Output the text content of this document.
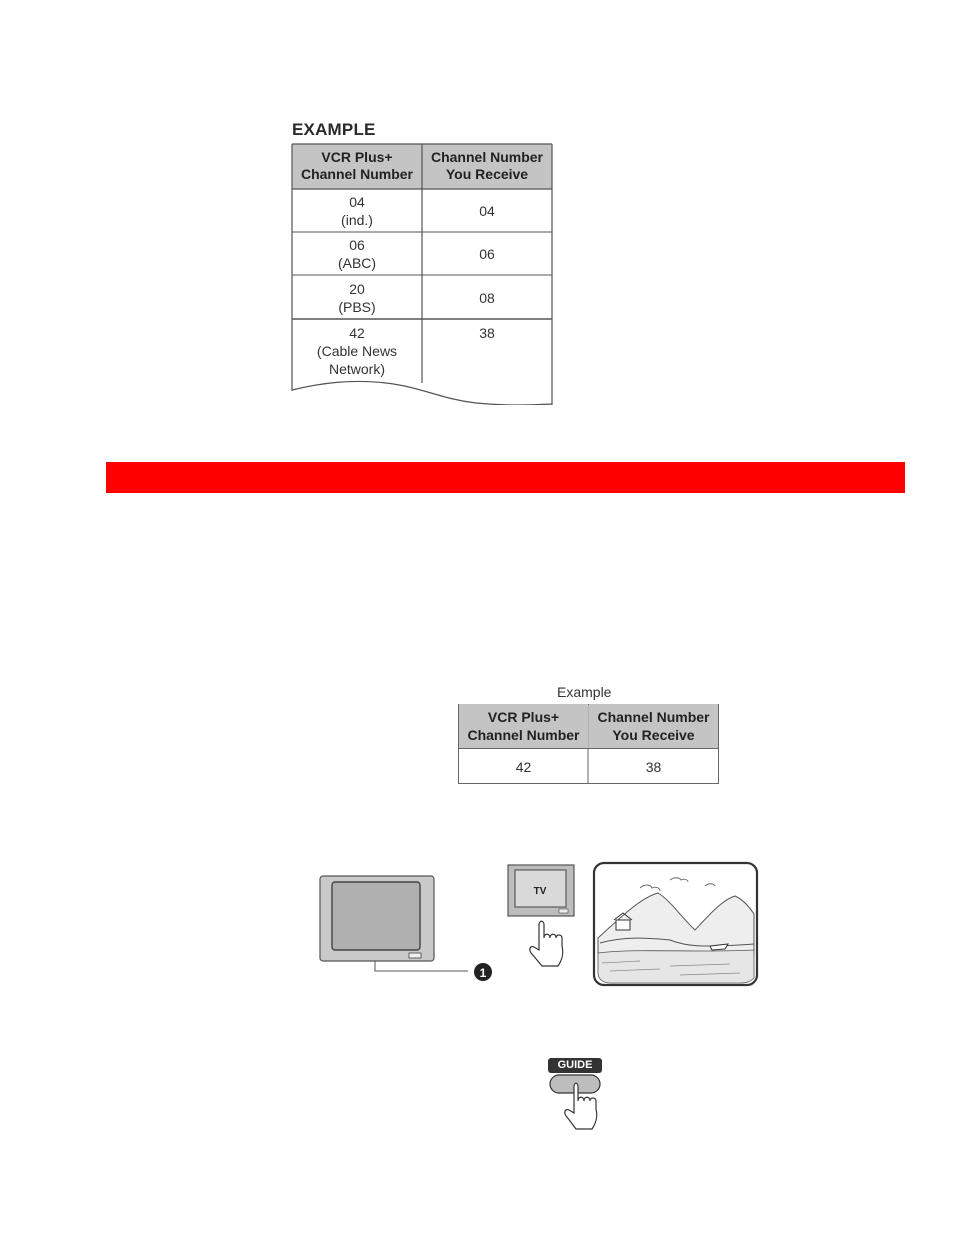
EXAMPLE
VCR Plus+
Channel Number
Channel Number
You Receive
04
(ind.)
04
06
(ABC)
06
20
(PBS)
08
42
(Cable News Network)
38
Example
VCR Plus+
Channel Number
Channel Number
You Receive
42	38
1
TV
GUIDE
